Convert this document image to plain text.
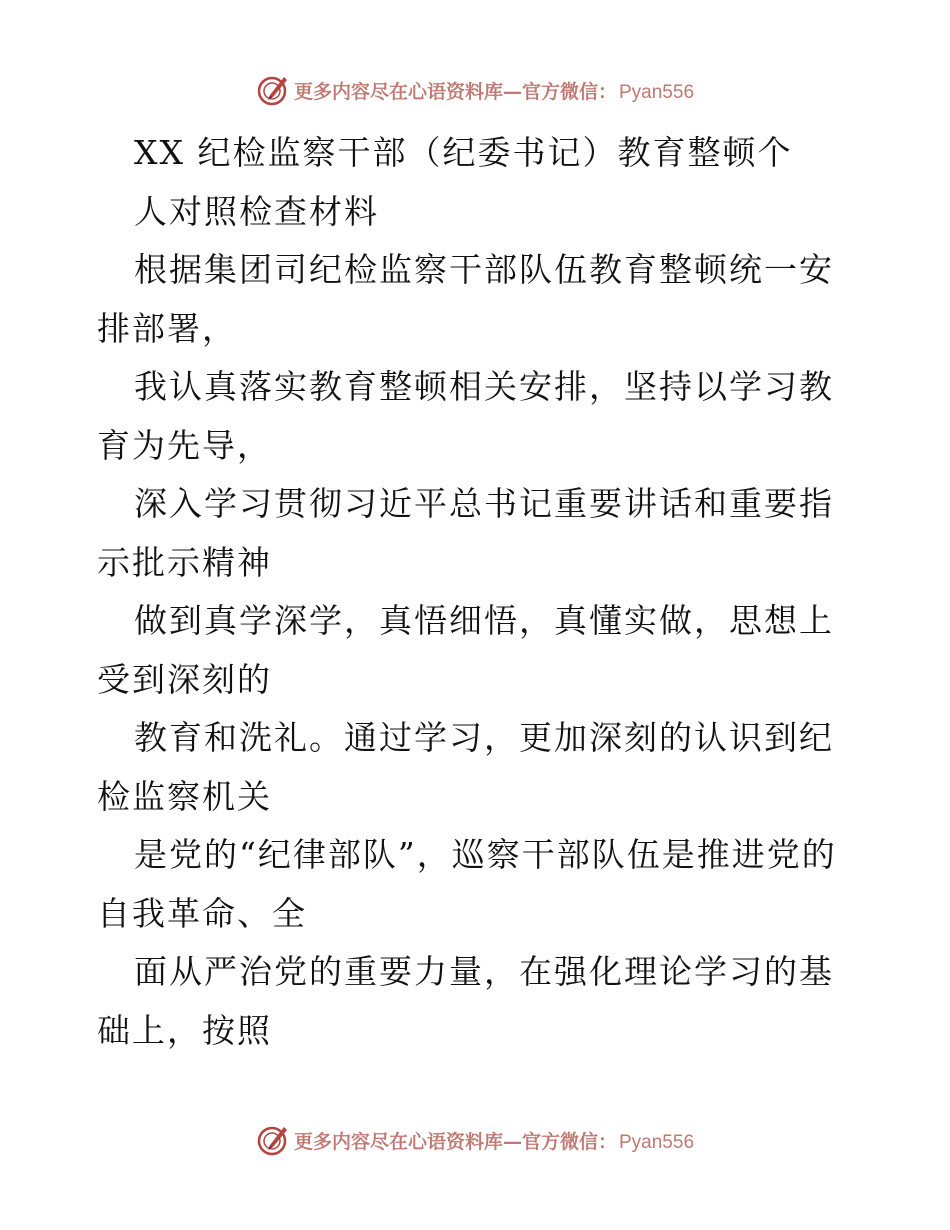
更多内容尽在心语资料库—官方微信： Pyan556

XX 纪检监察干部（纪委书记）教育整顿个

人对照检查材料

根据集团司纪检监察干部队伍教育整顿统一安排部署，

我认真落实教育整顿相关安排，坚持以学习教育为先导，

深入学习贯彻习近平总书记重要讲话和重要指示批示精神

做到真学深学，真悟细悟，真懂实做，思想上受到深刻的

教育和洗礼。通过学习，更加深刻的认识到纪检监察机关

是党的“纪律部队”，巡察干部队伍是推进党的自我革命、全

面从严治党的重要力量，在强化理论学习的基础上，按照

更多内容尽在心语资料库—官方微信： Pyan556
